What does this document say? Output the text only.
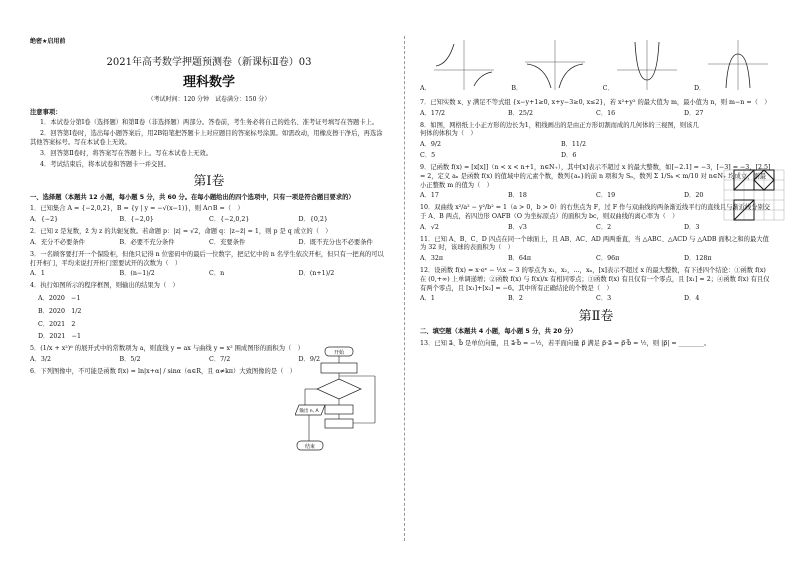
绝密★启用前
2021年高考数学押题预测卷（新课标Ⅱ卷）03
理科数学
（考试时间：120 分钟　试卷满分：150 分）
注意事项：
1．本试卷分第Ⅰ卷（选择题）和第Ⅱ卷（非选择题）两部分。答卷前，考生务必将自己的姓名、准考证号填写在答题卡上。
2．回答第Ⅰ卷时，选出每小题答案后，用2B铅笔把答题卡上对应题目的答案标号涂黑。如需改动，用橡皮擦干净后，再选涂其他答案标号。写在本试卷上无效。
3．回答第Ⅱ卷时，将答案写在答题卡上。写在本试卷上无效。
4．考试结束后，将本试卷和答题卡一并交回。
第Ⅰ卷
一、选择题（本题共 12 小题，每小题 5 分，共 60 分。在每小题给出的四个选项中，只有一项是符合题目要求的）
1．已知集合 A = {−2,0,2}，B = {y | y = −√(x−1)}，则 A∩B =（　）
A．{−2}	B．{−2,0}	C．{−2,0,2}	D．{0,2}
2．已知 z 是复数，z̄ 为 z 的共轭复数。若命题 p：|z| = √2，命题 q：|z−z̄| = 1，则 p 是 q 成立的（　）
A．充分不必要条件	B．必要不充分条件	C．充要条件	D．既不充分也不必要条件
3．一名顾客要打开一个保险柜，但他只记得 n 位密码中的最后一位数字，把记忆中的 n 名学生依次开柜，但只有一把真的可以打开柜门，平均来说打开柜门需要试开的次数为（　）
A．1	B．(n−1)/2	C．n	D．(n+1)/2
4．执行如图所示的程序框图，则输出的结果为（　）
A．2020　−1
B．2020　1/2
C．2021　2
D．2021　−1
5．(1/x + x²)⁶ 的展开式中的常数项为 a，则直线 y = ax 与曲线 y = x² 围成图形的面积为（　）
A．3/2	B．5/2	C．7/2	D．9/2
6．下列图像中，不可能是函数 f(x) = ln|x+α| / sinα（α∈R，且 α≠kπ）大致图像的是（　）
开始
输出 n, A
结束
A．	B．	C．	D．
7．已知实数 x、y 满足不等式组 {x−y+1≥0, x+y−3≥0, x≤2}，若 x²+y² 的最大值为 m，最小值为 n，则 m−n =（　）
A．17/2	B．25/2	C．16	D．27
8．如图，网格纸上小正方形的边长为1，粗线画出的是由正方形切割而成的几何体的三视图，则该几何体的体积为（　）
A．9/2	B．11/2
C．5	D．6
9．记函数 f(x) = [x[x]]（n < x < n+1，n∈N₊），其中[x]表示不超过 x 的最大整数，如[−2.1] = −3，[−3] = −3，[2.5] = 2，定义 aₙ 是函数 f(x) 的值域中的元素个数，数列{aₙ}的前 n 项和为 Sₙ，数列 Σ 1/Sₖ < m/10 对 n∈N₊ 均成立，则最小正整数 m 的值为（　）
A．17	B．18	C．19	D．20
10．双曲线 x²/a² − y²/b² = 1（a > 0，b > 0）的右焦点为 F，过 F 作与双曲线的两条渐近线平行的直线且与渐近线分别交于 A、B 两点，若四边形 OAFB（O 为坐标原点）的面积为 bc，则双曲线的离心率为（　）
A．√2	B．√3	C．2	D．3
11．已知 A、B、C、D 四点在同一个球面上，且 AB、AC、AD 两两垂直，当 △ABC、△ACD 与 △ADB 面积之和的最大值为 32 时，该球的表面积为（　）
A．32π	B．64π	C．96π	D．128π
12．设函数 f(x) = x·eˣ − ½x − 3 的零点为 x₁，x₂，…，xₙ，[x]表示不超过 x 的最大整数，有下述四个结论：①函数 f(x) 在 (0,+∞) 上单调递增；②函数 f(x) 与 f(x)/x 有相同零点；③函数 f(x) 有且仅有一个零点，且 [x₁] = 2；④函数 f(x) 有且仅有两个零点，且 [x₁]+[x₂] = −6。其中所有正确结论的个数是（　）
A．1	B．2	C．3	D．4
第Ⅱ卷
二、填空题（本题共 4 小题，每小题 5 分，共 20 分）
13．已知 a⃗、b⃗ 是单位向量，且 a⃗·b⃗ = −½，若平面向量 p⃗ 满足 p⃗·a⃗ = p⃗·b⃗ = ½，则 |p⃗| = ________。
